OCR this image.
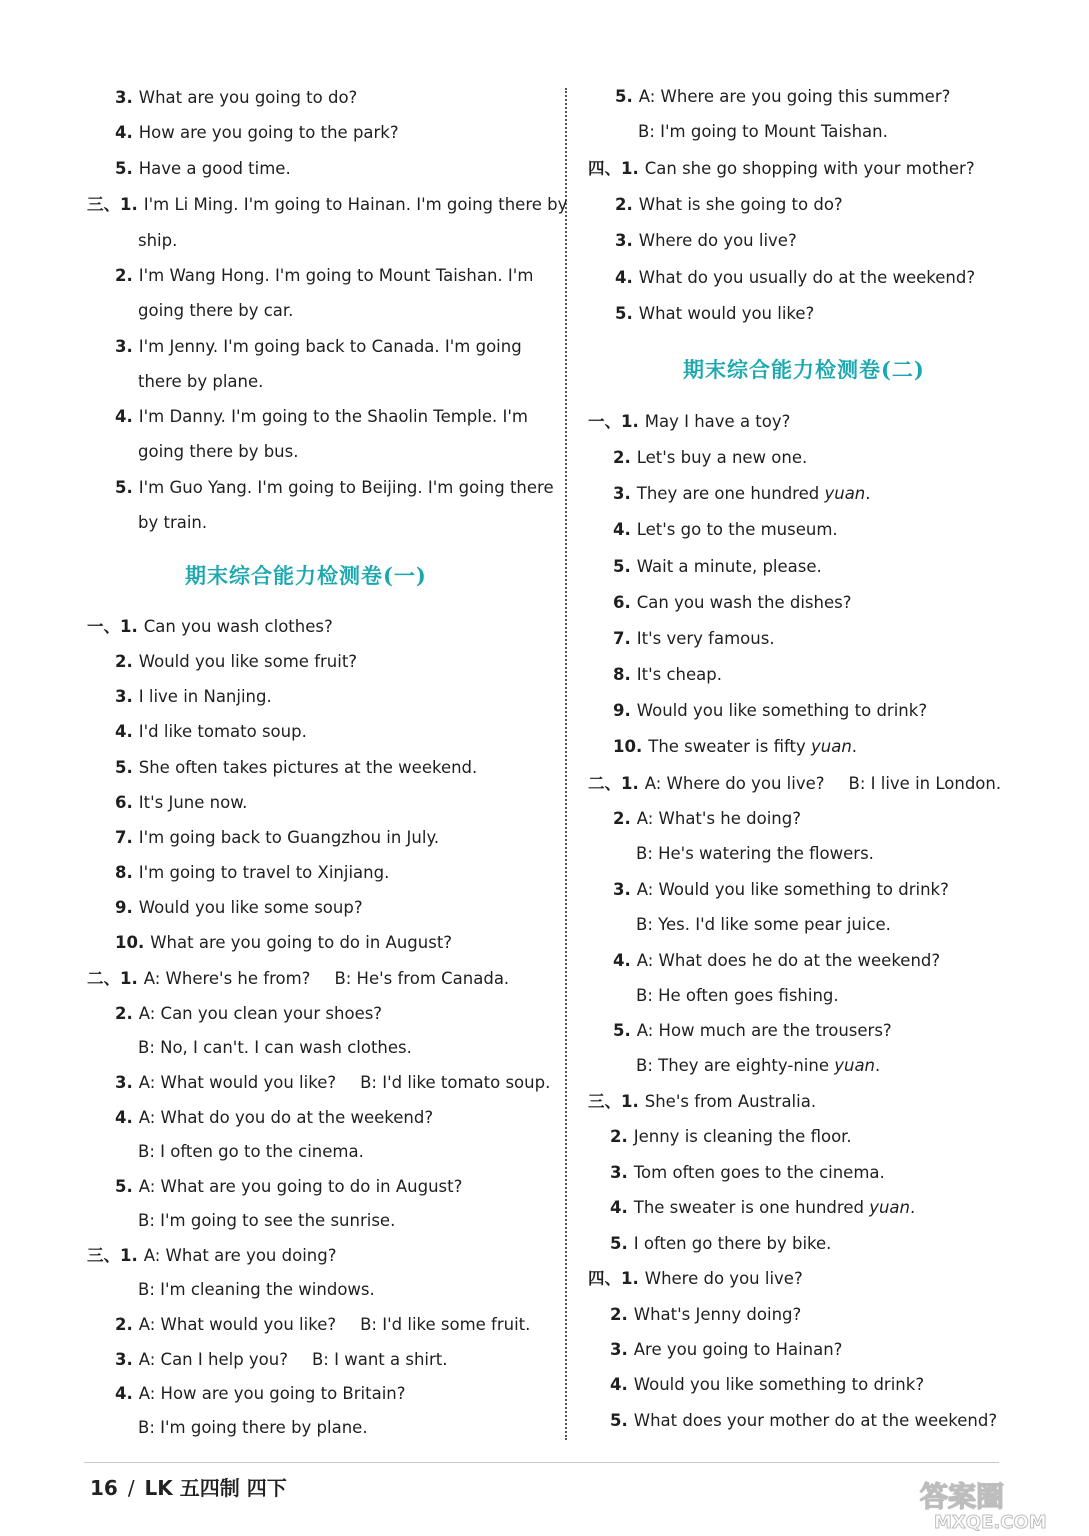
3. What are you going to do?
4. How are you going to the park?
5. Have a good time.
三、1. I'm Li Ming. I'm going to Hainan. I'm going there by
ship.
2. I'm Wang Hong. I'm going to Mount Taishan. I'm
going there by car.
3. I'm Jenny. I'm going back to Canada. I'm going
there by plane.
4. I'm Danny. I'm going to the Shaolin Temple. I'm
going there by bus.
5. I'm Guo Yang. I'm going to Beijing. I'm going there
by train.
期末综合能力检测卷(一)
一、1. Can you wash clothes?
2. Would you like some fruit?
3. I live in Nanjing.
4. I'd like tomato soup.
5. She often takes pictures at the weekend.
6. It's June now.
7. I'm going back to Guangzhou in July.
8. I'm going to travel to Xinjiang.
9. Would you like some soup?
10. What are you going to do in August?
二、1. A: Where's he from? B: He's from Canada.
2. A: Can you clean your shoes?
B: No, I can't. I can wash clothes.
3. A: What would you like? B: I'd like tomato soup.
4. A: What do you do at the weekend?
B: I often go to the cinema.
5. A: What are you going to do in August?
B: I'm going to see the sunrise.
三、1. A: What are you doing?
B: I'm cleaning the windows.
2. A: What would you like? B: I'd like some fruit.
3. A: Can I help you? B: I want a shirt.
4. A: How are you going to Britain?
B: I'm going there by plane.
5. A: Where are you going this summer?
B: I'm going to Mount Taishan.
四、1. Can she go shopping with your mother?
2. What is she going to do?
3. Where do you live?
4. What do you usually do at the weekend?
5. What would you like?
期末综合能力检测卷(二)
一、1. May I have a toy?
2. Let's buy a new one.
3. They are one hundred yuan.
4. Let's go to the museum.
5. Wait a minute, please.
6. Can you wash the dishes?
7. It's very famous.
8. It's cheap.
9. Would you like something to drink?
10. The sweater is fifty yuan.
二、1. A: Where do you live? B: I live in London.
2. A: What's he doing?
B: He's watering the flowers.
3. A: Would you like something to drink?
B: Yes. I'd like some pear juice.
4. A: What does he do at the weekend?
B: He often goes fishing.
5. A: How much are the trousers?
B: They are eighty-nine yuan.
三、1. She's from Australia.
2. Jenny is cleaning the floor.
3. Tom often goes to the cinema.
4. The sweater is one hundred yuan.
5. I often go there by bike.
四、1. Where do you live?
2. What's Jenny doing?
3. Are you going to Hainan?
4. Would you like something to drink?
5. What does your mother do at the weekend?
16 / LK 五四制 四下	答案圈
MXQE.COM
